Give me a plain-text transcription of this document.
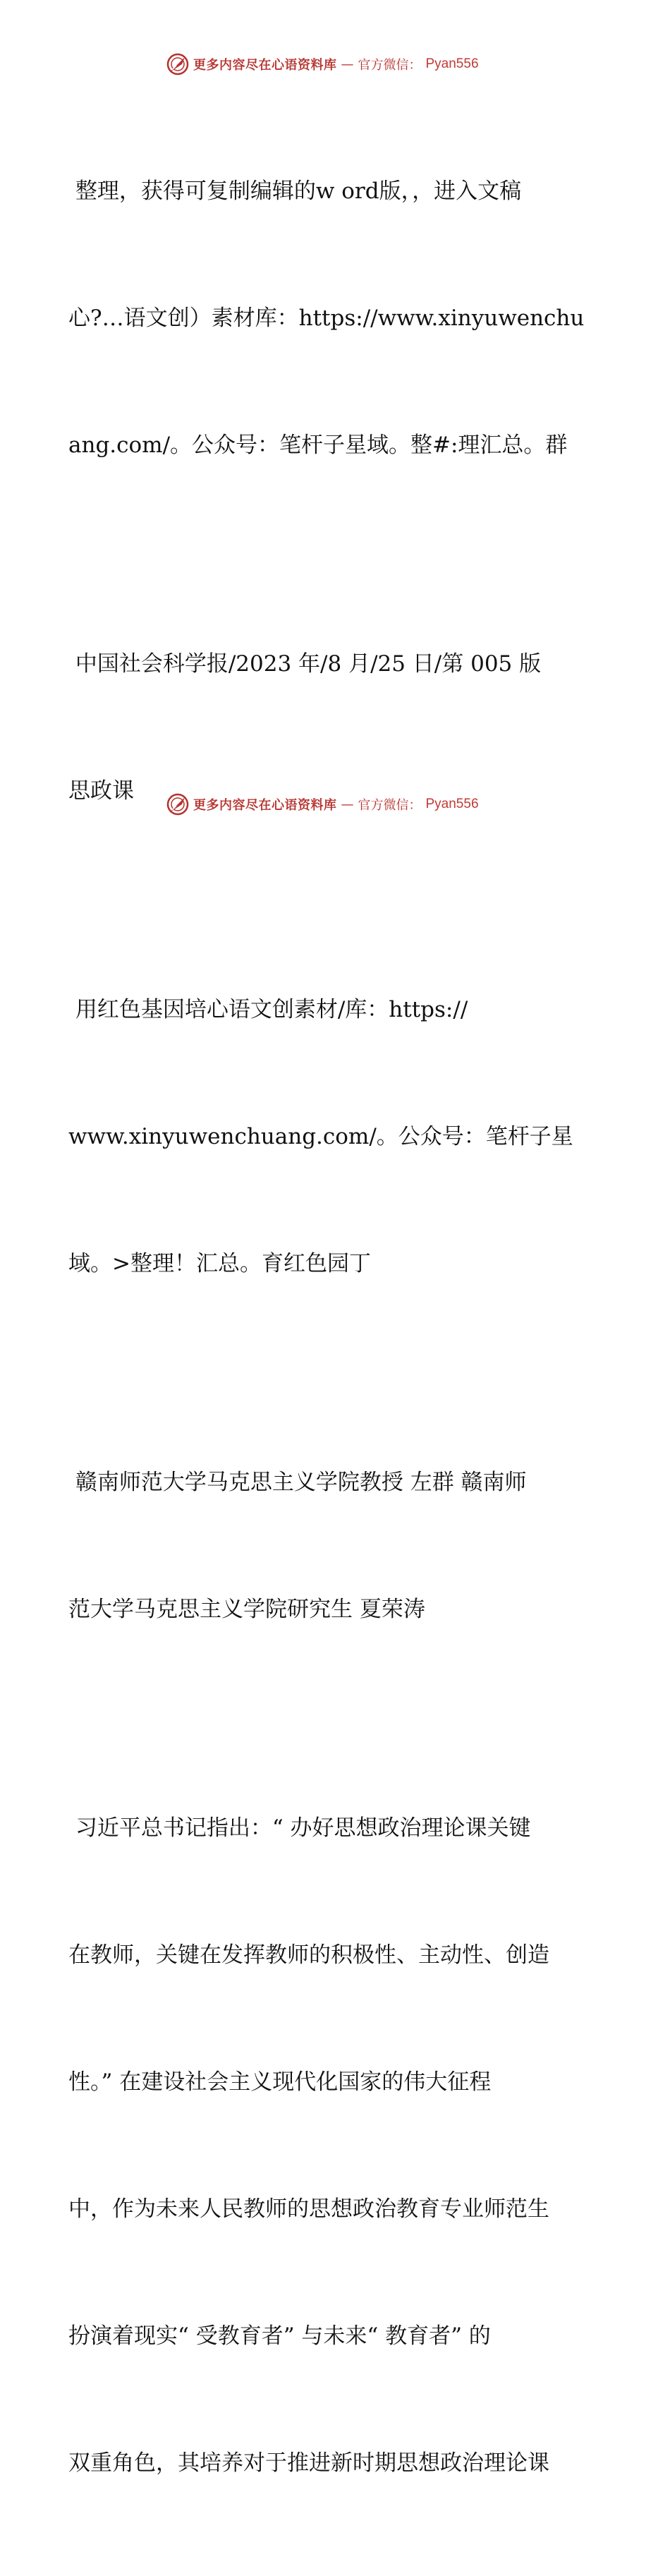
更多内容尽在心语资料库 — 官方微信： Pyan556

整理，获得可复制编辑的w ord版，，进入文稿

心?…语文创）素材库：https://www.xinyuwenchu

ang.com/。公众号：笔杆子星域。整#:理汇总。群

中国社会科学报/2023 年/8 月/25 日/第 005 版

思政课

用红色基因培心语文创素材/库：https://

www.xinyuwenchuang.com/。公众号：笔杆子星

域。>整理！汇总。育红色园丁

赣南师范大学马克思主义学院教授 左群 赣南师

范大学马克思主义学院研究生 夏荣涛

习近平总书记指出：“ 办好思想政治理论课关键

在教师，关键在发挥教师的积极性、主动性、创造

性。” 在建设社会主义现代化国家的伟大征程

中，作为未来人民教师的思想政治教育专业师范生

扮演着现实“ 受教育者” 与未来“ 教育者” 的

双重角色，其培养对于推进新时期思想政治理论课

更多内容尽在心语资料库 — 官方微信： Pyan556
